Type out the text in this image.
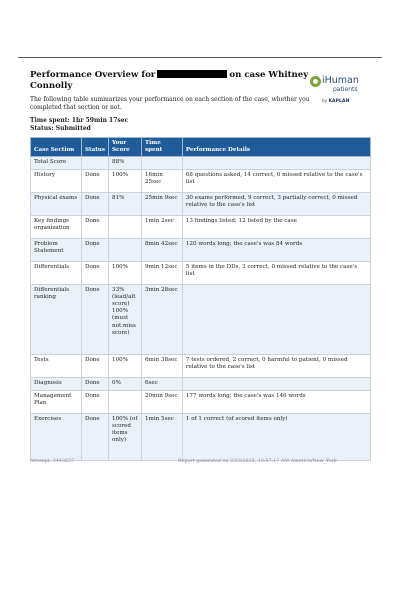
Performance Overview for	on case Whitney Connolly	iHuman
patients
by KAPLAN
The following table summarizes your performance on each section of the case, whether you completed that section or not.
Time spent: 1hr 59min 17sec
Status: Submitted
Case Section	Status	Your Score	Time spent	Performance Details
Total Score		88%		
History	Done	100%	16min 25sec	68 questions asked, 14 correct, 0 missed relative to the case's list
Physical exams	Done	81%	25min 9sec	30 exams performed, 9 correct, 3 partially correct, 0 missed relative to the case's list
Key findings organization	Done		1min 2sec	13 findings listed; 12 listed by the case
Problem Statement	Done		8min 42sec	120 words long; the case's was 84 words
Differentials	Done	100%	9min 12sec	5 items in the DDs, 3 correct, 0 missed relative to the case's list
Differentials ranking	Done	33% (lead/alt score) 100% (must not miss score)	3min 28sec	
Tests	Done	100%	6min 38sec	7 tests ordered, 2 correct, 0 harmful to patient, 0 missed relative to the case's list
Diagnosis	Done	0%	6sec	
Management Plan	Done		20min 9sec	177 words long; the case's was 146 words
Exercises	Done	100% (of scored items only)	1min 5sec	1 of 1 correct (of scored items only)
Attempt: 3443637	Report generated on 2/23/2025, 10:57:17 AM America/New_York
